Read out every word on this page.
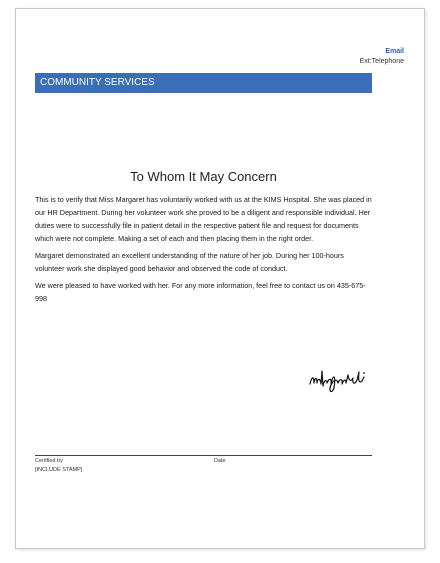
Email
Ext:Telephone
COMMUNITY SERVICES
To Whom It May Concern

This is to verify that Miss Margaret has voluntarily worked with us at the KIMS Hospital. She was placed in our HR Department. During her volunteer work she proved to be a diligent and responsible individual. Her duties were to successfully file in patient detail in the respective patient file and request for documents which were not complete. Making a set of each and then placing them in the right order.

Margaret demonstrated an excellent understanding of the nature of her job. During her 100-hours volunteer work she displayed good behavior and observed the code of conduct.

We were pleased to have worked with her. For any more information, feel free to contact us on 435-675-998

Certified by
[INCLUDE STAMP]
Date
